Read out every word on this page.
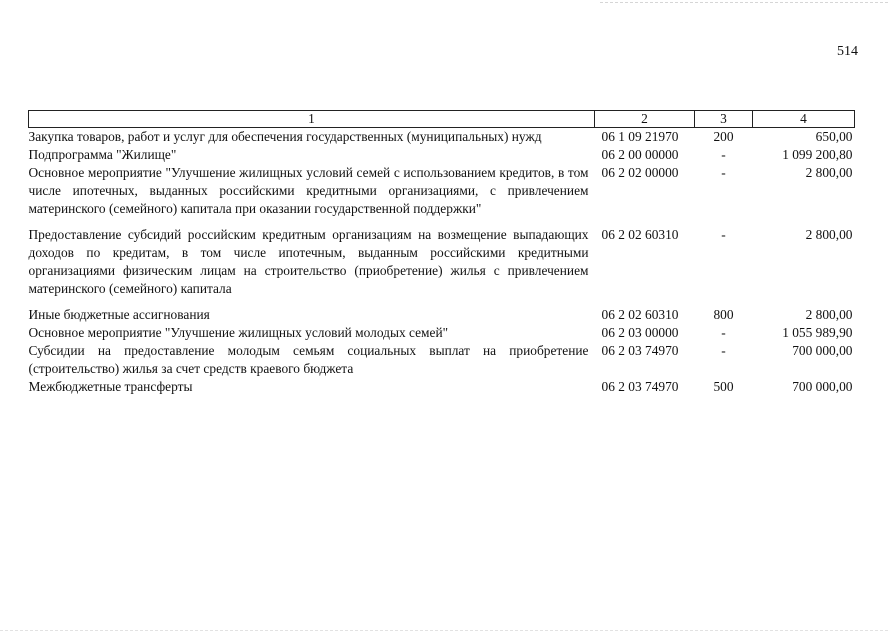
514
1	2	3	4
Закупка товаров, работ и услуг для обеспечения государственных (муниципальных) нужд	06 1 09 21970	200	650,00
Подпрограмма "Жилище"	06 2 00 00000	-	1 099 200,80
Основное мероприятие "Улучшение жилищных условий семей с использованием кредитов, в том числе ипотечных, выданных российскими кредитными организациями, с привлечением материнского (семейного) капитала при оказании государственной поддержки"	06 2 02 00000	-	2 800,00
Предоставление субсидий российским кредитным организациям на возмещение выпадающих доходов по кредитам, в том числе ипотечным, выданным российскими кредитными организациями физическим лицам на строительство (приобретение) жилья с привлечением материнского (семейного) капитала	06 2 02 60310	-	2 800,00
Иные бюджетные ассигнования	06 2 02 60310	800	2 800,00
Основное мероприятие "Улучшение жилищных условий молодых семей"	06 2 03 00000	-	1 055 989,90
Субсидии на предоставление молодым семьям социальных выплат на приобретение (строительство) жилья за счет средств краевого бюджета	06 2 03 74970	-	700 000,00
Межбюджетные трансферты	06 2 03 74970	500	700 000,00
